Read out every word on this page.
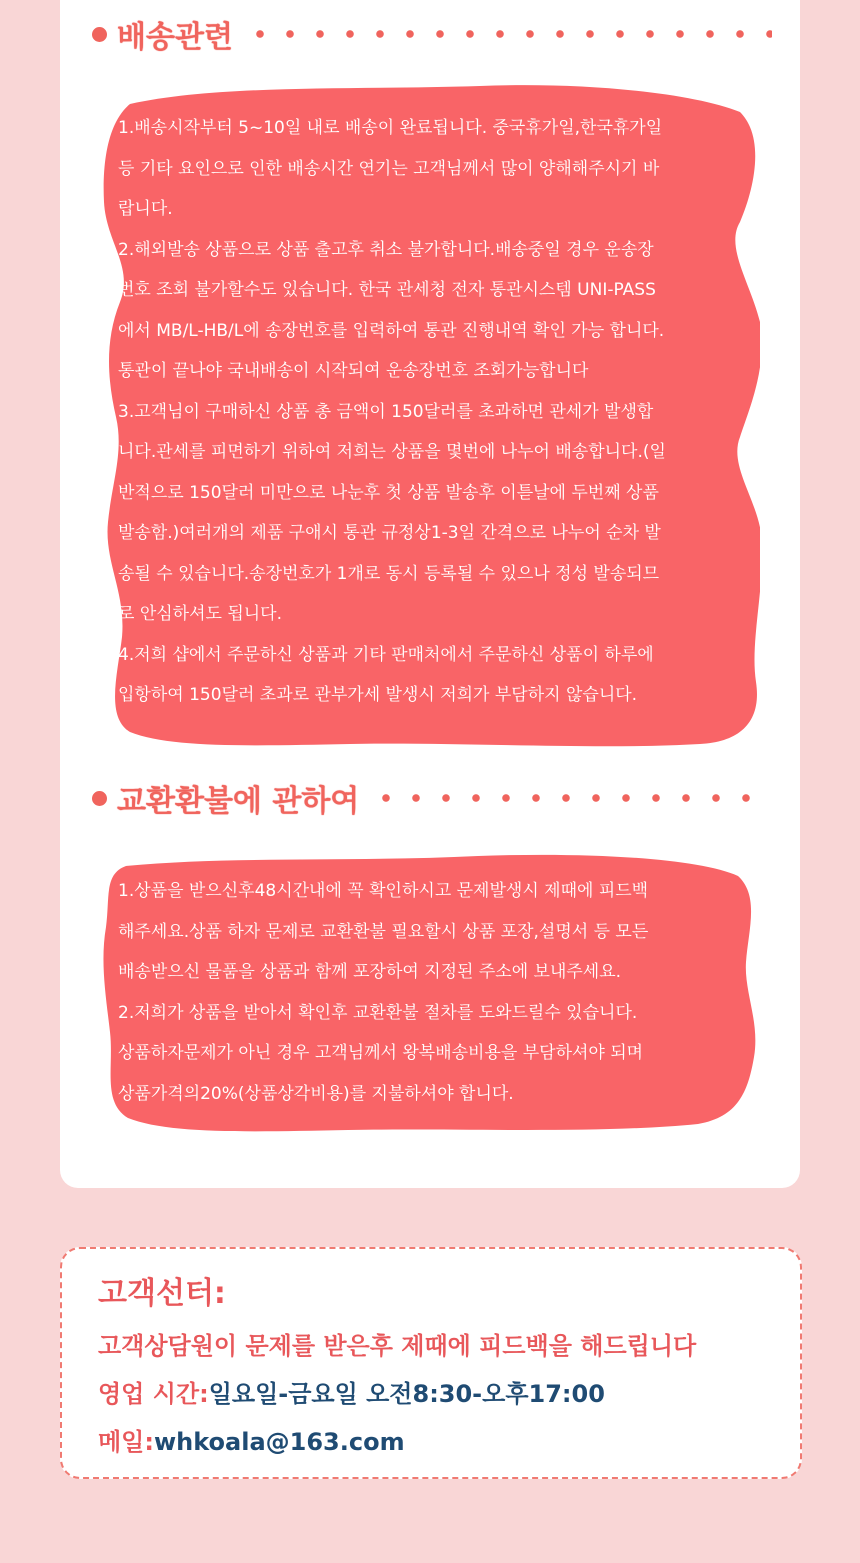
배송관련
1.배송시작부터 5~10일 내로 배송이 완료됩니다. 중국휴가일,한국휴가일
등 기타 요인으로 인한 배송시간 연기는 고객님께서 많이 양해해주시기 바
랍니다.
2.해외발송 상품으로 상품 출고후 취소 불가합니다.배송중일 경우 운송장
번호 조회 불가할수도 있습니다. 한국 관세청 전자 통관시스템 UNI-PASS
에서 MB/L-HB/L에 송장번호를 입력하여 통관 진행내역 확인 가능 합니다.
통관이 끝나야 국내배송이 시작되여 운송장번호 조회가능합니다
3.고객님이 구매하신 상품 총 금액이 150달러를 초과하면 관세가 발생합
니다.관세를 피면하기 위하여 저희는 상품을 몇번에 나누어 배송합니다.(일
반적으로 150달러 미만으로 나눈후 첫 상품 발송후 이튿날에 두번째 상품
발송함.)여러개의 제품 구애시 통관 규정상1-3일 간격으로 나누어 순차 발
송될 수 있습니다.송장번호가 1개로 동시 등록될 수 있으나 정성 발송되므
로 안심하셔도 됩니다.
4.저희 샵에서 주문하신 상품과 기타 판매처에서 주문하신 상품이 하루에
입항하여 150달러 초과로 관부가세 발생시 저희가 부담하지 않습니다.
교환환불에 관하여
1.상품을 받으신후48시간내에 꼭 확인하시고 문제발생시 제때에 피드백
해주세요.상품 하자 문제로 교환환불 필요할시 상품 포장,설명서 등 모든
배송받으신 물품을 상품과 함께 포장하여 지정된 주소에 보내주세요.
2.저희가 상품을 받아서 확인후 교환환불 절차를 도와드릴수 있습니다.
상품하자문제가 아닌 경우 고객님께서 왕복배송비용을 부담하셔야 되며
상품가격의20%(상품상각비용)를 지불하셔야 합니다.
고객선터:
고객상담원이 문제를 받은후 제때에 피드백을 해드립니다
영업 시간:일요일-금요일 오전8:30-오후17:00
메일:whkoala@163.com
